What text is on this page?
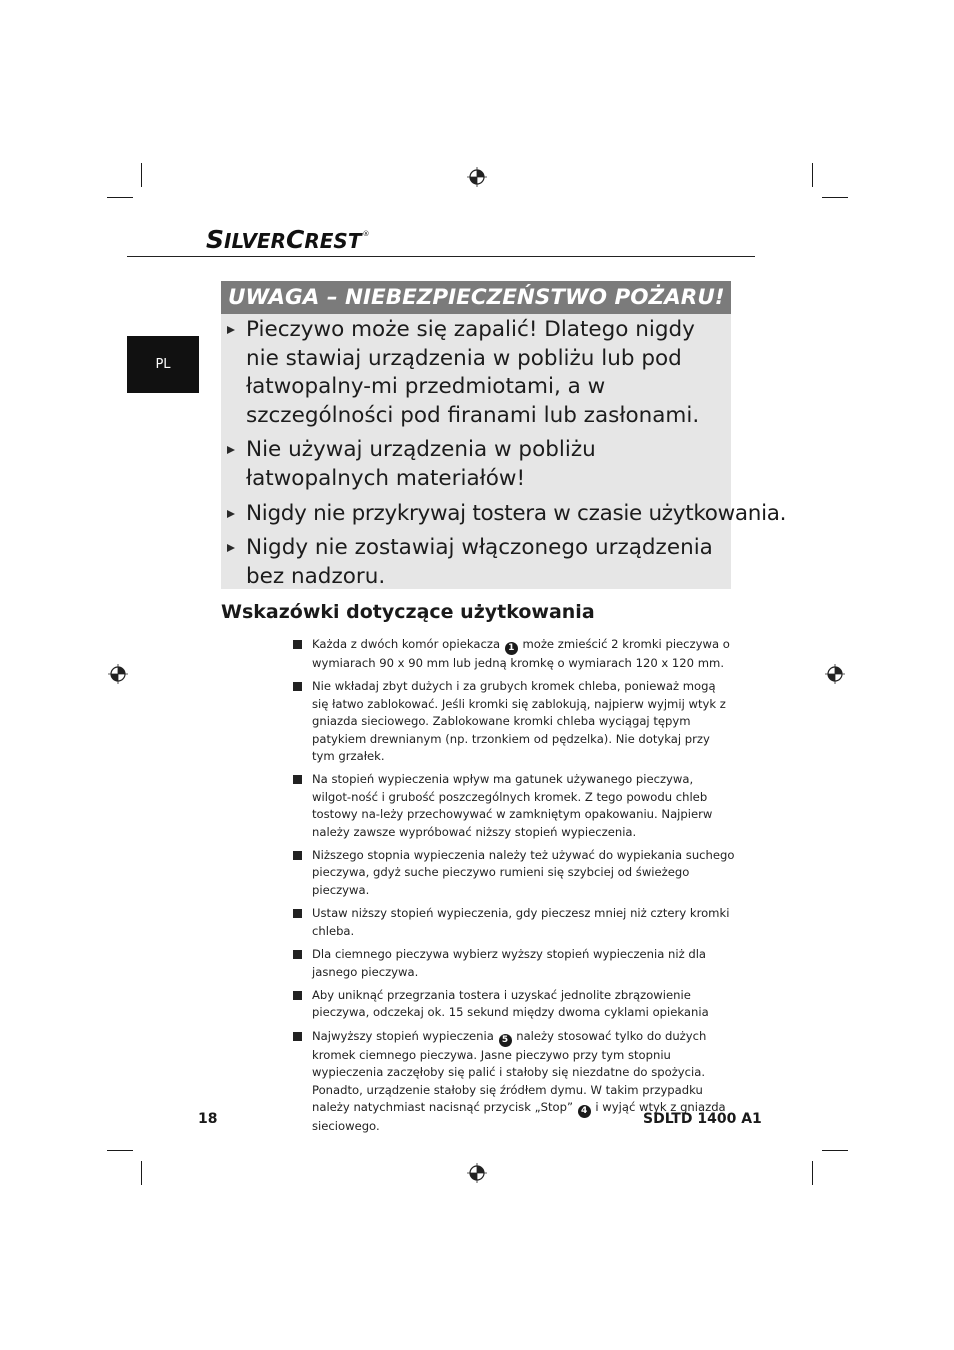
SILVERCREST®
PL
UWAGA – NIEBEZPIECZEŃSTWO POŻARU!
Pieczywo może się zapalić! Dlatego nigdy nie stawiaj urządzenia w pobliżu lub pod łatwopalny-mi przedmiotami, a w szczególności pod firanami lub zasłonami.
Nie używaj urządzenia w pobliżu łatwopalnych materiałów!
Nigdy nie przykrywaj tostera w czasie użytkowania.
Nigdy nie zostawiaj włączonego urządzenia bez nadzoru.
Wskazówki dotyczące użytkowania
Każda z dwóch komór opiekacza 1 może zmieścić 2 kromki pieczywa o wymiarach 90 x 90 mm lub jedną kromkę o wymiarach 120 x 120 mm.
Nie wkładaj zbyt dużych i za grubych kromek chleba, ponieważ mogą się łatwo zablokować. Jeśli kromki się zablokują, najpierw wyjmij wtyk z gniazda sieciowego. Zablokowane kromki chleba wyciągaj tępym patykiem drewnianym (np. trzonkiem od pędzelka). Nie dotykaj przy tym grzałek.
Na stopień wypieczenia wpływ ma gatunek używanego pieczywa, wilgot-ność i grubość poszczególnych kromek. Z tego powodu chleb tostowy na-leży przechowywać w zamkniętym opakowaniu. Najpierw należy zawsze wypróbować niższy stopień wypieczenia.
Niższego stopnia wypieczenia należy też używać do wypiekania suchego pieczywa, gdyż suche pieczywo rumieni się szybciej od świeżego pieczywa.
Ustaw niższy stopień wypieczenia, gdy pieczesz mniej niż cztery kromki chleba.
Dla ciemnego pieczywa wybierz wyższy stopień wypieczenia niż dla jasnego pieczywa.
Aby uniknąć przegrzania tostera i uzyskać jednolite zbrązowienie pieczywa, odczekaj ok. 15 sekund między dwoma cyklami opiekania
Najwyższy stopień wypieczenia 5 należy stosować tylko do dużych kromek ciemnego pieczywa. Jasne pieczywo przy tym stopniu wypieczenia zaczęłoby się palić i stałoby się niezdatne do spożycia. Ponadto, urządzenie stałoby się źródłem dymu. W takim przypadku należy natychmiast nacisnąć przycisk „Stop” 4 i wyjąć wtyk z gniazda sieciowego.
18	SDLTD 1400 A1
